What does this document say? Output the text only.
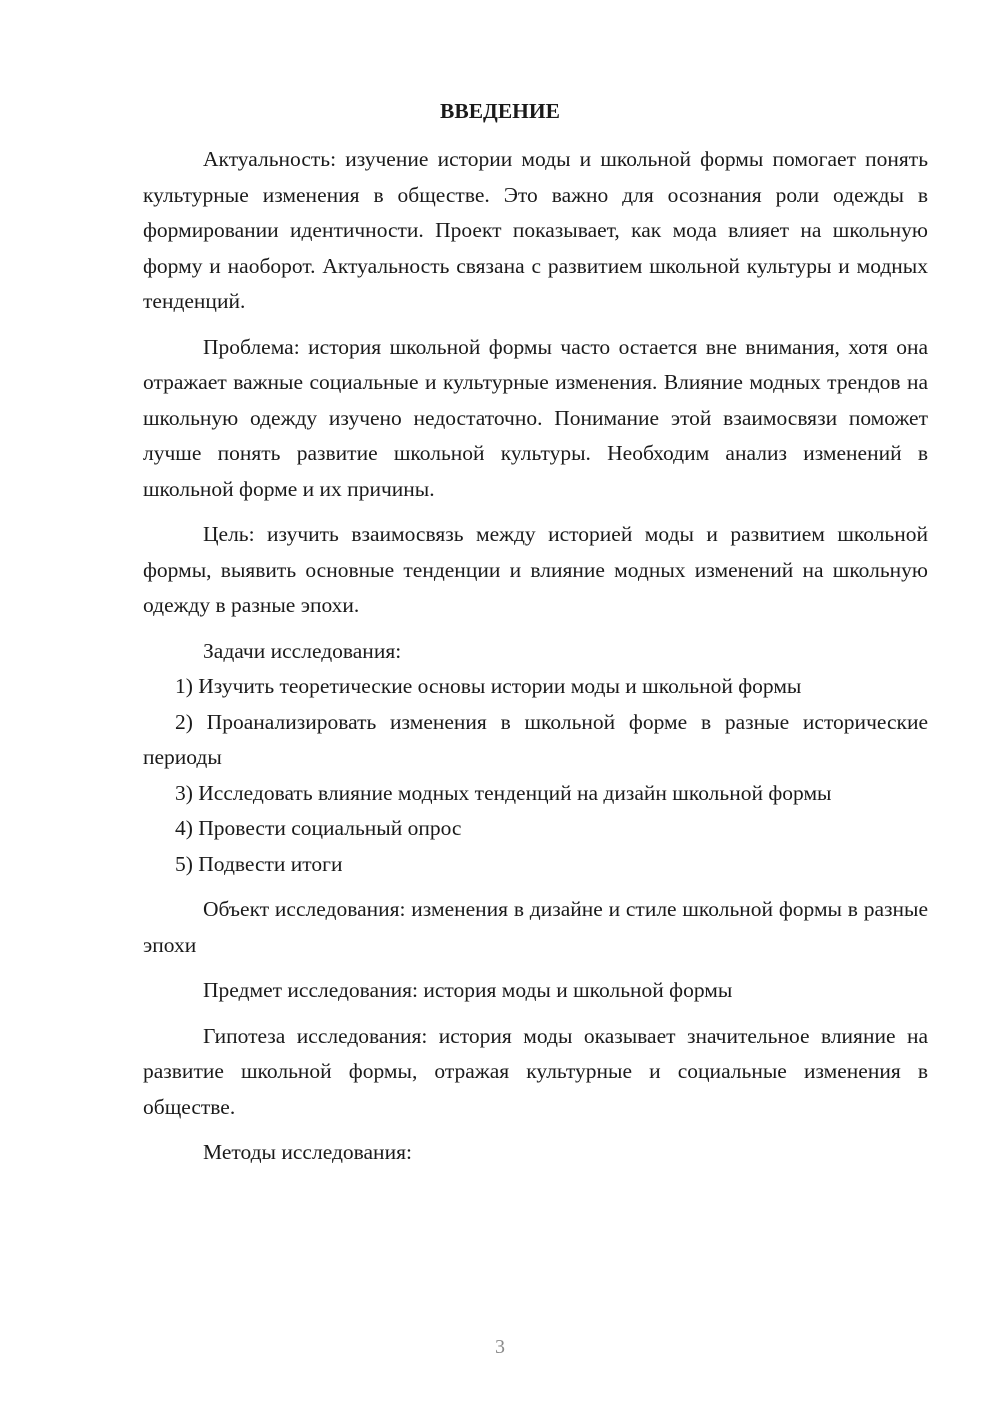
ВВЕДЕНИЕ

Актуальность: изучение истории моды и школьной формы помогает понять культурные изменения в обществе. Это важно для осознания роли одежды в формировании идентичности. Проект показывает, как мода влияет на школьную форму и наоборот. Актуальность связана с развитием школьной культуры и модных тенденций.

Проблема: история школьной формы часто остается вне внимания, хотя она отражает важные социальные и культурные изменения. Влияние модных трендов на школьную одежду изучено недостаточно. Понимание этой взаимосвязи поможет лучше понять развитие школьной культуры. Необходим анализ изменений в школьной форме и их причины.

Цель: изучить взаимосвязь между историей моды и развитием школьной формы, выявить основные тенденции и влияние модных изменений на школьную одежду в разные эпохи.

Задачи исследования:

1) Изучить теоретические основы истории моды и школьной формы

2) Проанализировать изменения в школьной форме в разные исторические периоды

3) Исследовать влияние модных тенденций на дизайн школьной формы

4) Провести социальный опрос

5) Подвести итоги

Объект исследования: изменения в дизайне и стиле школьной формы в разные эпохи

Предмет исследования: история моды и школьной формы

Гипотеза исследования: история моды оказывает значительное влияние на развитие школьной формы, отражая культурные и социальные изменения в обществе.

Методы исследования:

3
